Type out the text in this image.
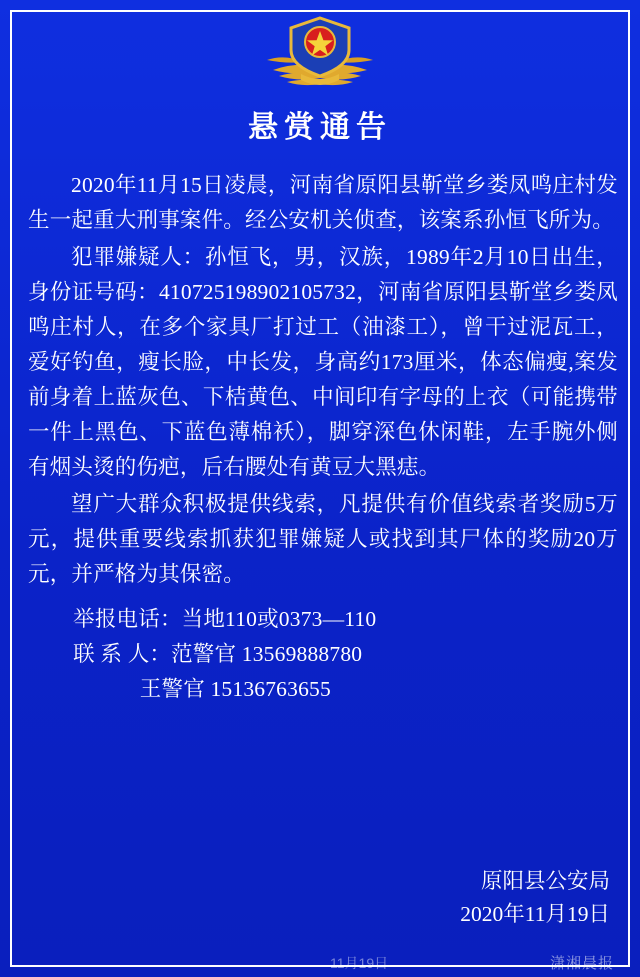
悬赏通告

2020年11月15日凌晨，河南省原阳县靳堂乡娄凤鸣庄村发生一起重大刑事案件。经公安机关侦查，该案系孙恒飞所为。

犯罪嫌疑人：孙恒飞，男，汉族，1989年2月10日出生，身份证号码：410725198902105732，河南省原阳县靳堂乡娄凤鸣庄村人，在多个家具厂打过工（油漆工），曾干过泥瓦工，爱好钓鱼，瘦长脸，中长发，身高约173厘米，体态偏瘦,案发前身着上蓝灰色、下桔黄色、中间印有字母的上衣（可能携带一件上黑色、下蓝色薄棉袄），脚穿深色休闲鞋，左手腕外侧有烟头烫的伤疤，后右腰处有黄豆大黑痣。

望广大群众积极提供线索，凡提供有价值线索者奖励5万元，提供重要线索抓获犯罪嫌疑人或找到其尸体的奖励20万元，并严格为其保密。

举报电话：当地110或0373—110

联 系 人：范警官 13569888780

王警官 15136763655

原阳县公安局
2020年11月19日
11月19日	潇湘晨报
